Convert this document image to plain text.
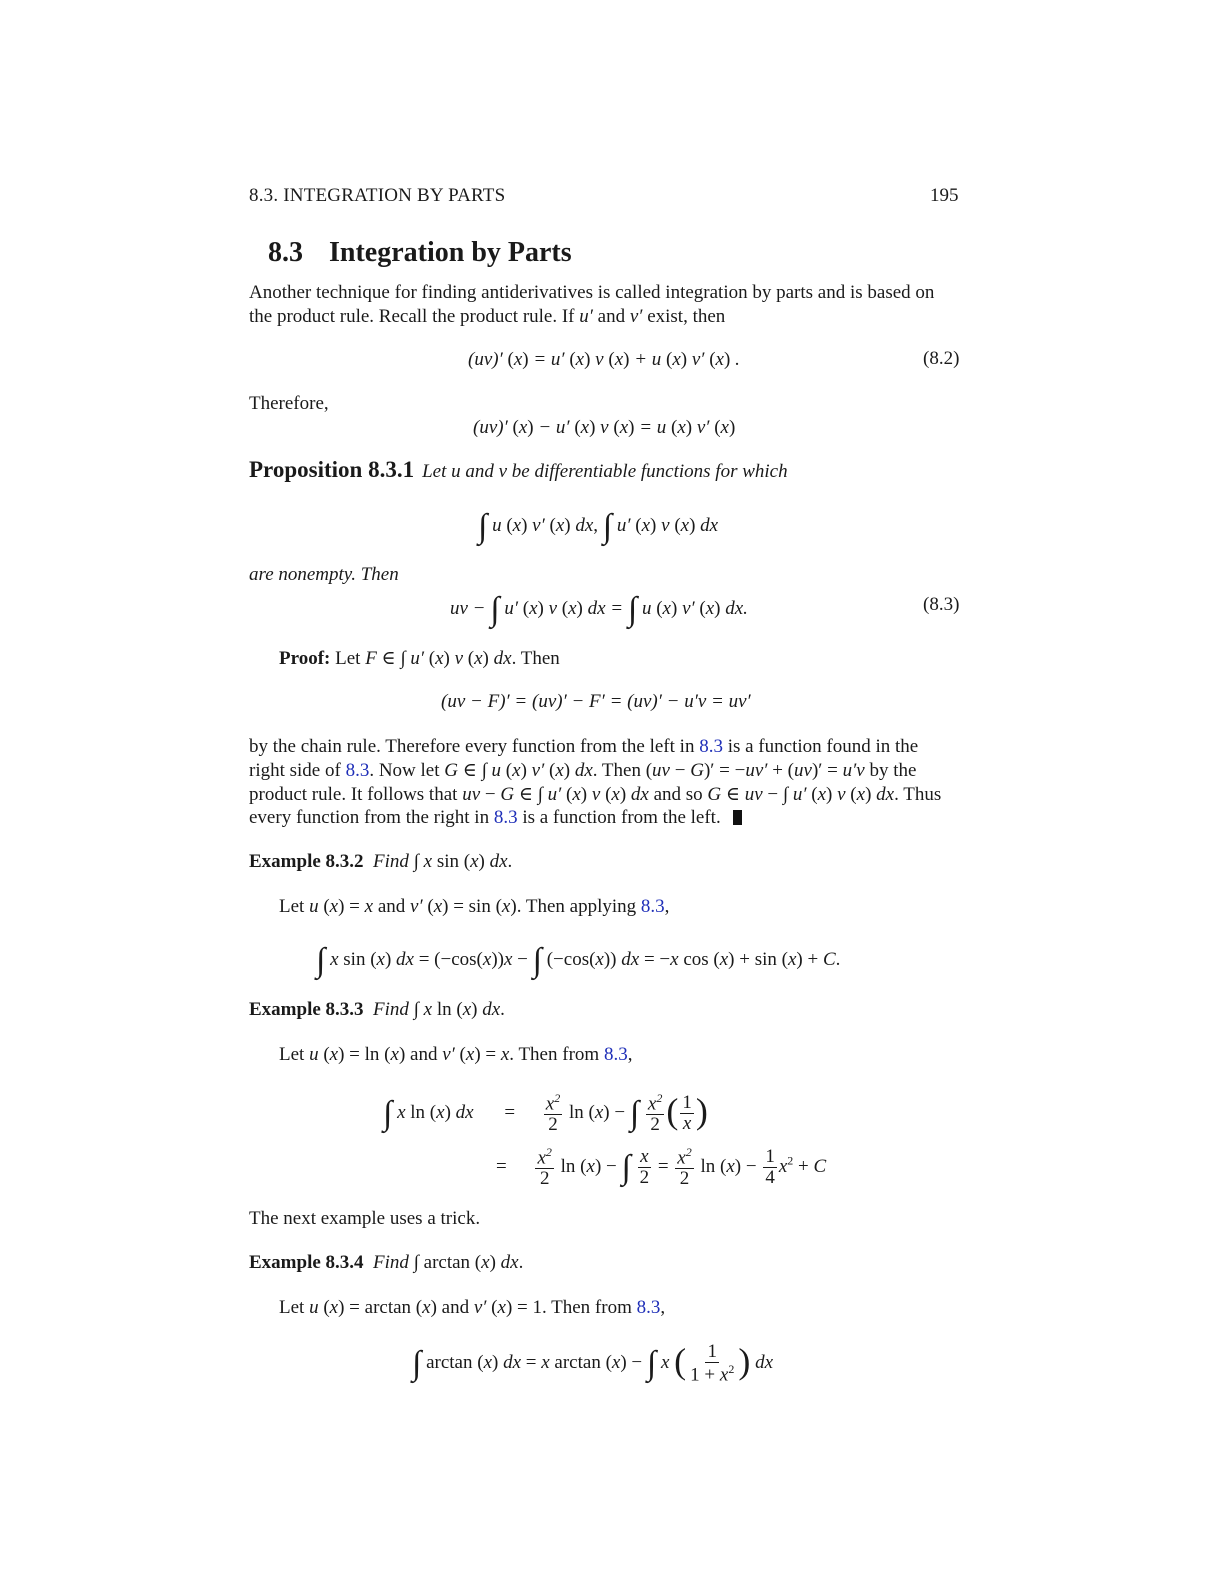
8.3. INTEGRATION BY PARTS	195
8.3 Integration by Parts
Another technique for finding antiderivatives is called integration by parts and is based on
the product rule. Recall the product rule. If u′ and v′ exist, then
(uv)′ (x) = u′ (x) v (x) + u (x) v′ (x) .	(8.2)
Therefore,
(uv)′ (x) − u′ (x) v (x) = u (x) v′ (x)
Proposition 8.3.1 Let u and v be differentiable functions for which
∫ u (x) v′ (x) dx, ∫ u′ (x) v (x) dx
are nonempty. Then
uv − ∫ u′ (x) v (x) dx = ∫ u (x) v′ (x) dx.	(8.3)
Proof: Let F ∈ ∫ u′ (x) v (x) dx. Then
(uv − F)′ = (uv)′ − F′ = (uv)′ − u′v = uv′
by the chain rule. Therefore every function from the left in 8.3 is a function found in the
right side of 8.3. Now let G ∈ ∫ u (x) v′ (x) dx. Then (uv − G)′ = −uv′ + (uv)′ = u′v by the
product rule. It follows that uv − G ∈ ∫ u′ (x) v (x) dx and so G ∈ uv − ∫ u′ (x) v (x) dx. Thus
every function from the right in 8.3 is a function from the left.
Example 8.3.2 Find ∫ x sin (x) dx.
Let u (x) = x and v′ (x) = sin (x). Then applying 8.3,
∫ x sin (x) dx = (−cos(x))x − ∫ (−cos(x)) dx = −x cos (x) + sin (x) + C.
Example 8.3.3 Find ∫ x ln (x) dx.
Let u (x) = ln (x) and v′ (x) = x. Then from 8.3,
∫ x ln (x) dx = $\frac{x^2}{2}$ ln (x) − ∫ $\frac{x^2}{2}$ ( $\frac{1}{x}$ )
= $\frac{x^2}{2}$ ln (x) − ∫ $\frac{x}{2} = \frac{x^2}{2}$ $\ln (x) - \frac{1}{4} x^2 + C$
The next example uses a trick.
Example 8.3.4 Find ∫ arctan (x) dx.
Let u (x) = arctan (x) and v′ (x) = 1. Then from 8.3,
∫ arctan (x) dx = x arctan (x) − ∫ x ( $\frac{1}{1 + x^2}$ ) dx
